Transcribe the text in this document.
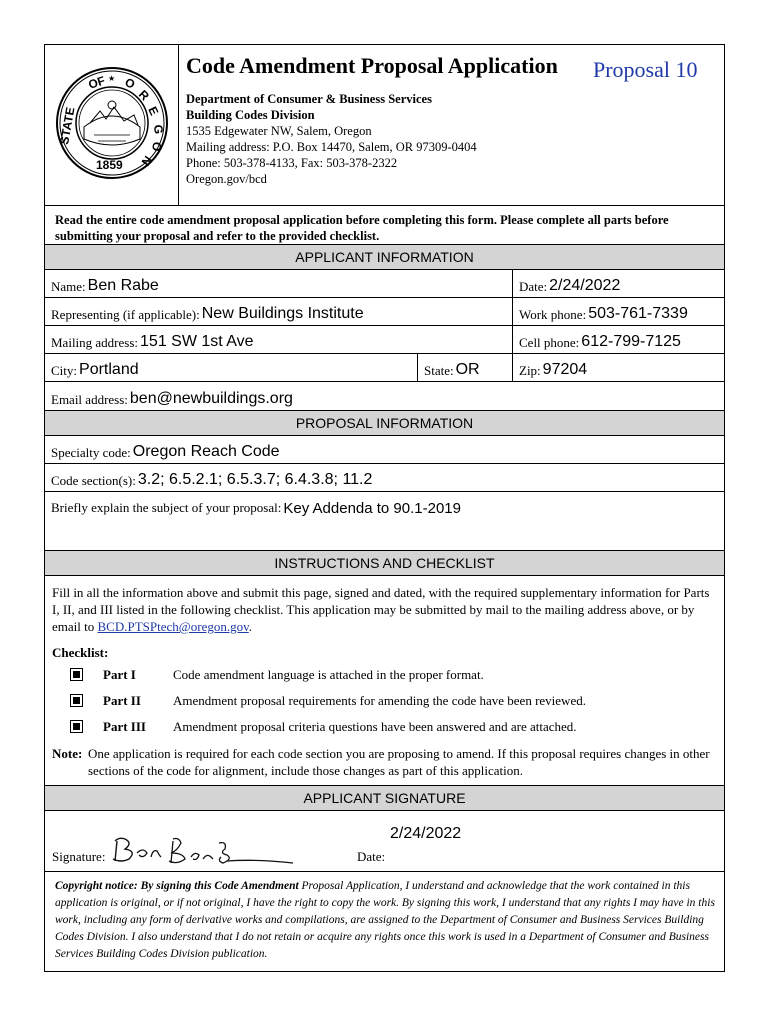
OF O
R
E
G
O
N
STATE
1859
★
Code Amendment Proposal Application Proposal 10
Department of Consumer & Business Services
Building Codes Division
1535 Edgewater NW, Salem, Oregon
Mailing address: P.O. Box 14470, Salem, OR 97309-0404
Phone: 503-378-4133, Fax: 503-378-2322
Oregon.gov/bcd
Read the entire code amendment proposal application before completing this form. Please complete all parts before submitting your proposal and refer to the provided checklist.
APPLICANT INFORMATION
Name: Ben Rabe	Date: 2/24/2022
Representing (if applicable): New Buildings Institute	Work phone: 503-761-7339
Mailing address: 151 SW 1st Ave	Cell phone: 612-799-7125
City: Portland	State: OR	Zip: 97204
Email address: ben@newbuildings.org
PROPOSAL INFORMATION
Specialty code: Oregon Reach Code
Code section(s): 3.2; 6.5.2.1; 6.5.3.7; 6.4.3.8; 11.2
Briefly explain the subject of your proposal: Key Addenda to 90.1-2019
INSTRUCTIONS AND CHECKLIST
Fill in all the information above and submit this page, signed and dated, with the required supplementary information for Parts I, II, and III listed in the following checklist. This application may be submitted by mail to the mailing address above, or by email to BCD.PTSPtech@oregon.gov.
Checklist:
Part I	Code amendment language is attached in the proper format.
Part II	Amendment proposal requirements for amending the code have been reviewed.
Part III	Amendment proposal criteria questions have been answered and are attached.
Note: One application is required for each code section you are proposing to amend. If this proposal requires changes in other sections of the code for alignment, include those changes as part of this application.
APPLICANT SIGNATURE
Signature:
2/24/2022
Date:
Copyright notice: By signing this Code Amendment Proposal Application, I understand and acknowledge that the work contained in this application is original, or if not original, I have the right to copy the work. By signing this work, I understand that any rights I may have in this work, including any form of derivative works and compilations, are assigned to the Department of Consumer and Business Services Building Codes Division. I also understand that I do not retain or acquire any rights once this work is used in a Department of Consumer and Business Services Building Codes Division publication.
